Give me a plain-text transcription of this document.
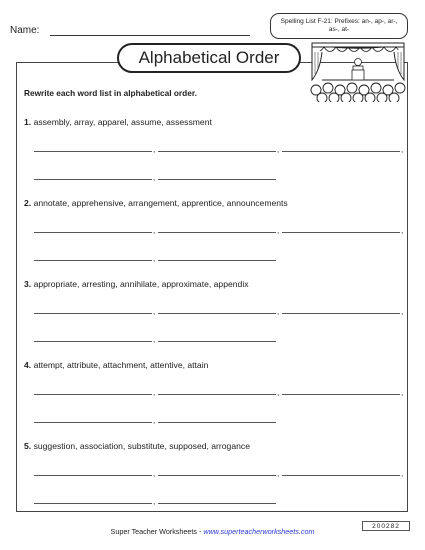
Name:
Spelling List F-21: Prefixes: an-, ap-, ar-, as-, at-
Alphabetical Order
Rewrite each word list in alphabetical order.
1. assembly, array, apparel, assume, assessment
,	,	,
,
2. annotate, apprehensive, arrangement, apprentice, announcements
,	,	,
,
3. appropriate, arresting, annihilate, approximate, appendix
,	,	,
,
4. attempt, attribute, attachment, attentive, attain
,	,	,
,
5. suggestion, association, substitute, supposed, arrogance
,	,	,
,
Super Teacher Worksheets - www.superteacherworksheets.com
200282
